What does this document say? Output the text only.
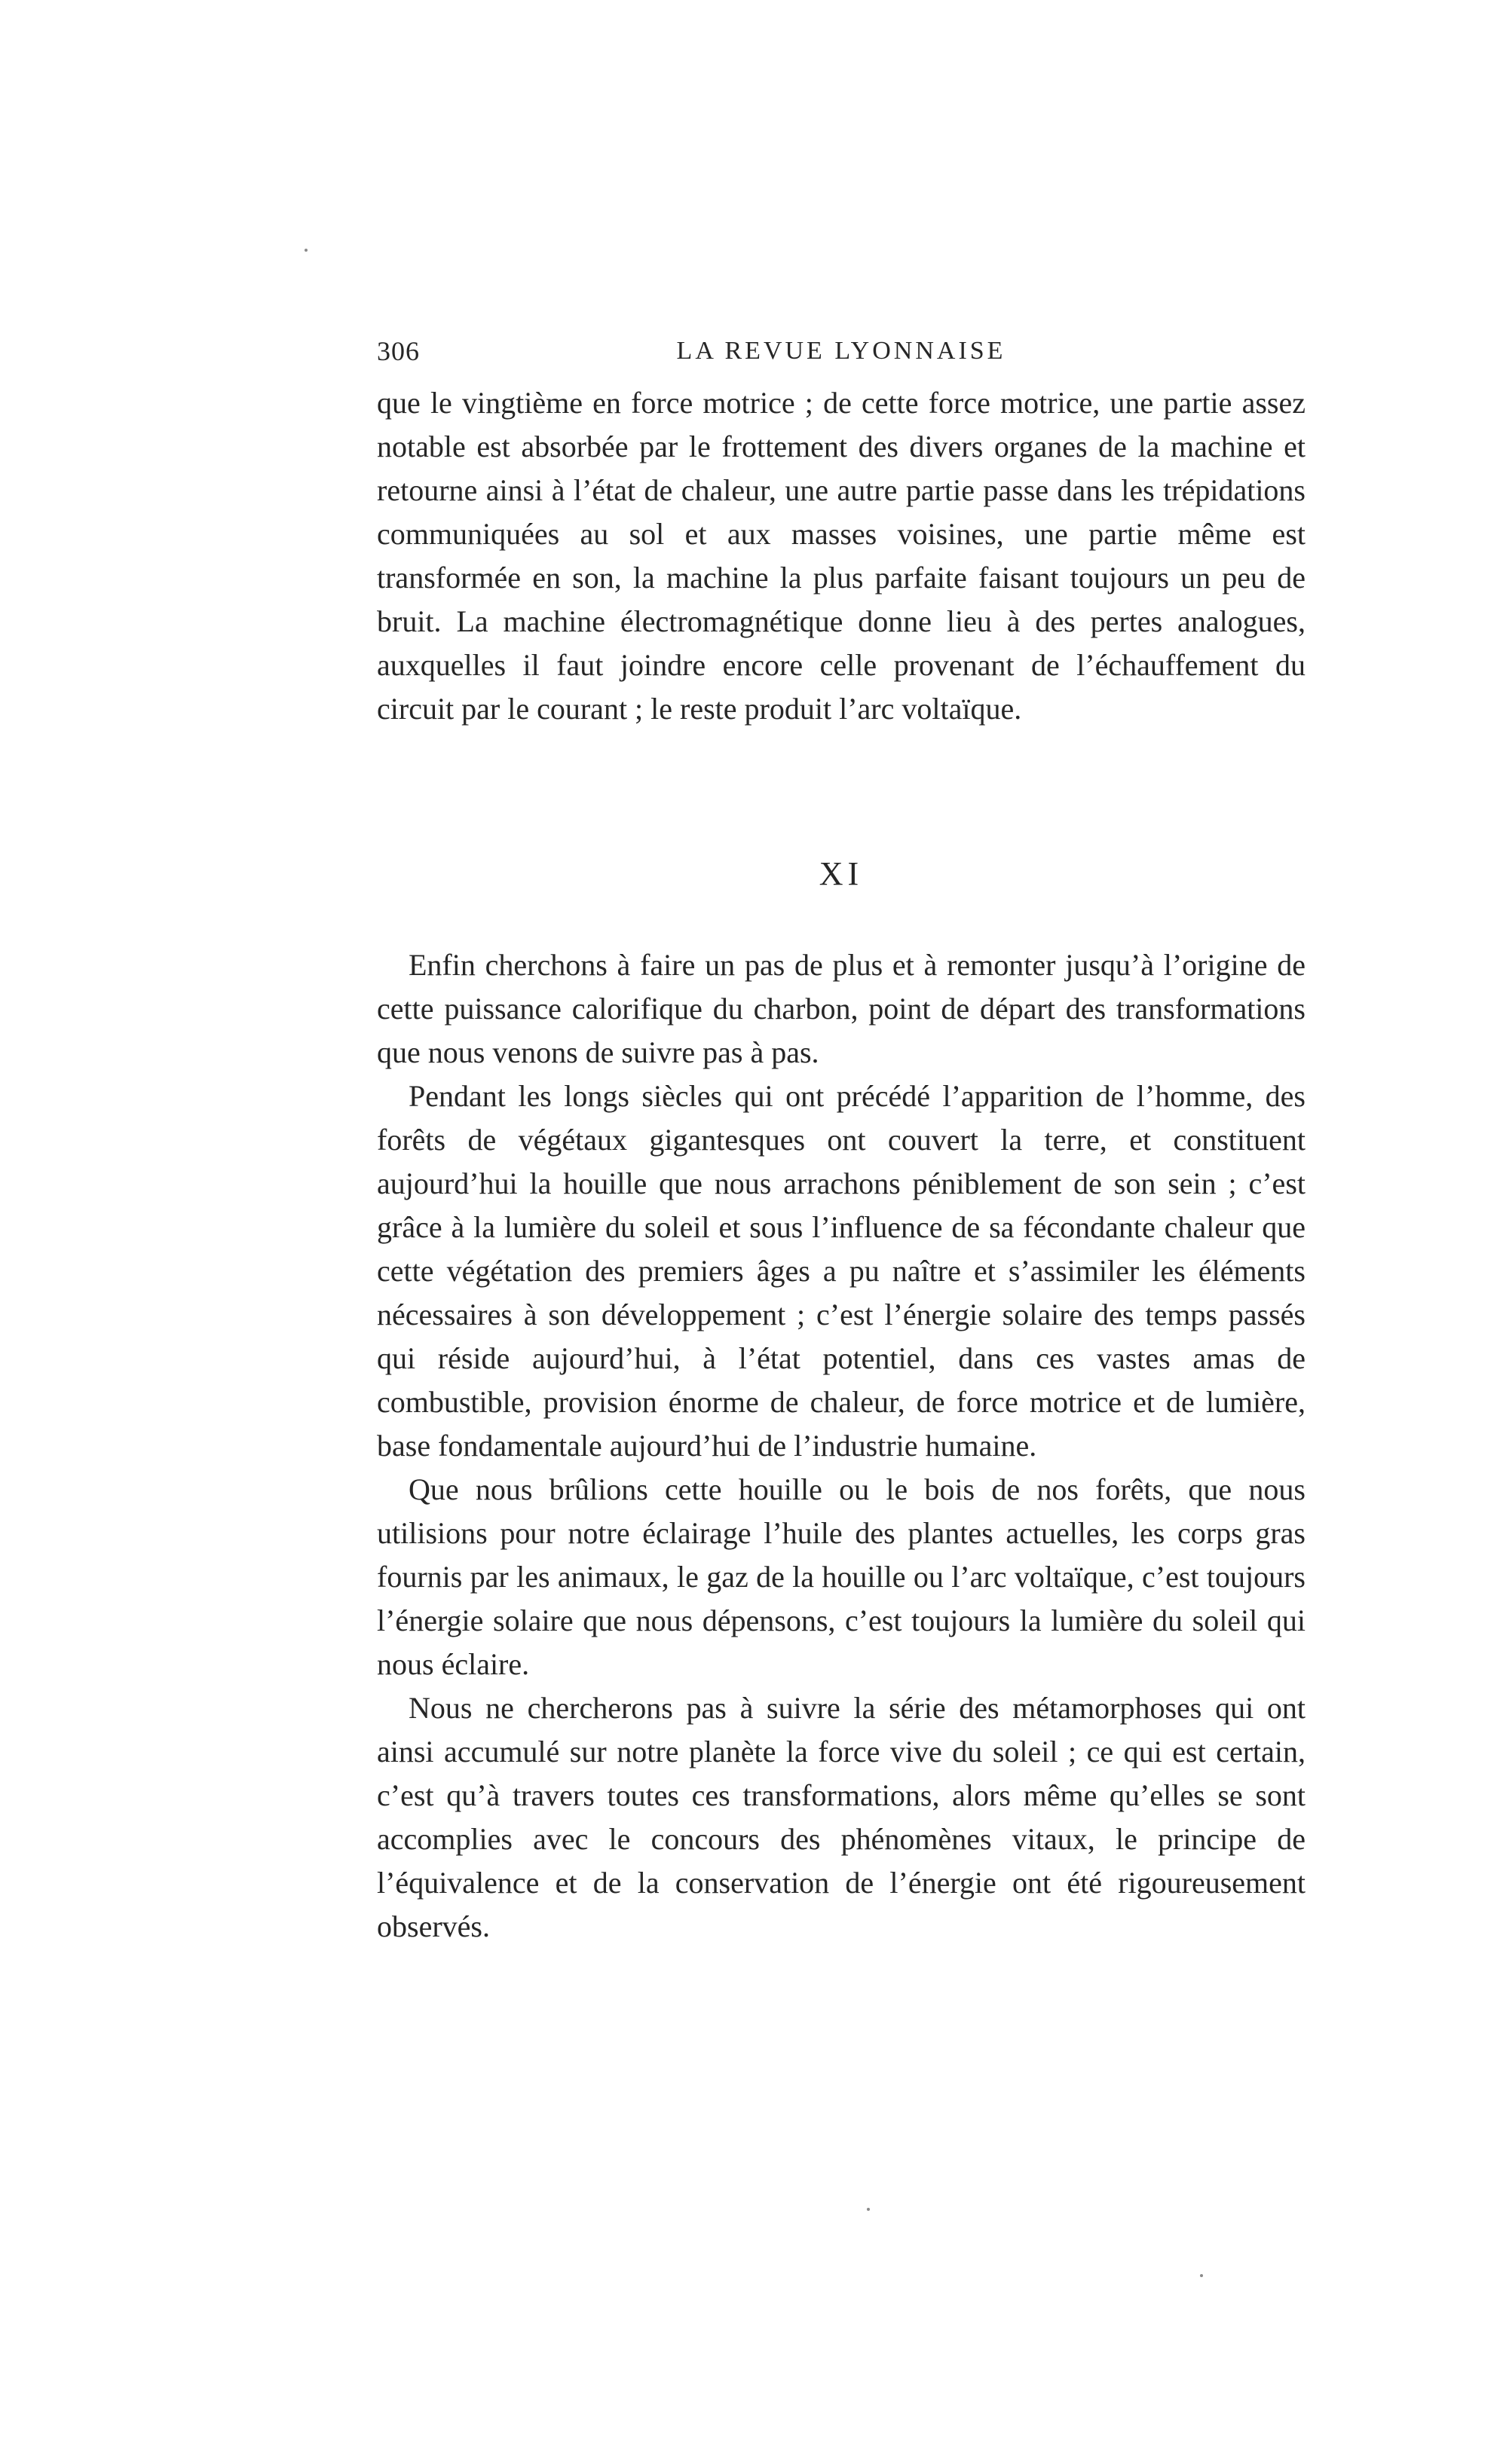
306	LA REVUE LYONNAISE

que le vingtième en force motrice ; de cette force motrice, une partie assez notable est absorbée par le frottement des divers organes de la machine et retourne ainsi à l’état de chaleur, une autre partie passe dans les trépidations communiquées au sol et aux masses voisines, une partie même est transformée en son, la machine la plus parfaite faisant toujours un peu de bruit. La machine électromagnétique donne lieu à des pertes analogues, auxquelles il faut joindre encore celle provenant de l’échauffement du circuit par le courant ; le reste produit l’arc voltaïque.

XI

Enfin cherchons à faire un pas de plus et à remonter jusqu’à l’origine de cette puissance calorifique du charbon, point de départ des transformations que nous venons de suivre pas à pas.

Pendant les longs siècles qui ont précédé l’apparition de l’homme, des forêts de végétaux gigantesques ont couvert la terre, et constituent aujourd’hui la houille que nous arrachons péniblement de son sein ; c’est grâce à la lumière du soleil et sous l’influence de sa fécondante chaleur que cette végétation des premiers âges a pu naître et s’assimiler les éléments nécessaires à son développement ; c’est l’énergie solaire des temps passés qui réside aujourd’hui, à l’état potentiel, dans ces vastes amas de combustible, provision énorme de chaleur, de force motrice et de lumière, base fondamentale aujourd’hui de l’industrie humaine.

Que nous brûlions cette houille ou le bois de nos forêts, que nous utilisions pour notre éclairage l’huile des plantes actuelles, les corps gras fournis par les animaux, le gaz de la houille ou l’arc voltaïque, c’est toujours l’énergie solaire que nous dépensons, c’est toujours la lumière du soleil qui nous éclaire.

Nous ne chercherons pas à suivre la série des métamorphoses qui ont ainsi accumulé sur notre planète la force vive du soleil ; ce qui est certain, c’est qu’à travers toutes ces transformations, alors même qu’elles se sont accomplies avec le concours des phénomènes vitaux, le principe de l’équivalence et de la conservation de l’énergie ont été rigoureusement observés.
